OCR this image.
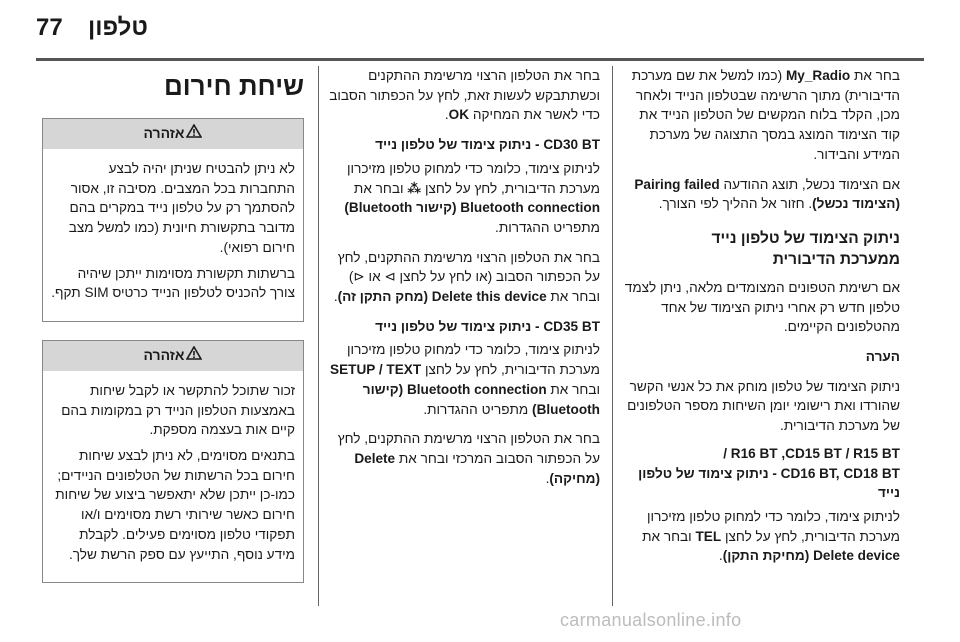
77 טלפון

בחר את My_Radio (כמו למשל את שם מערכת הדיבורית) מתוך הרשימה שבטלפון הנייד ולאחר מכן, הקלד בלוח המקשים של הטלפון הנייד את קוד הצימוד המוצג במסך התצוגה של מערכת המידע והבידור.

אם הצימוד נכשל, תוצג ההודעה Pairing failed (הצימוד נכשל). חזור אל ההליך לפי הצורך.

ניתוק הצימוד של טלפון נייד
ממערכת הדיבורית

אם רשימת הטפונים המצומדים מלאה, ניתן לצמד טלפון חדש רק אחרי ניתוק הצימוד של אחד מהטלפונים הקיימים.

הערה

ניתוק הצימוד של טלפון מוחק את כל אנשי הקשר שהורדו ואת רישומי יומן השיחות מספר הטלפונים של מערכת הדיבורית.

R16 BT ,CD15 BT / R15 BT /
CD16 BT, CD18 BT - ניתוק צימוד של טלפון נייד

לניתוק צימוד, כלומר כדי למחוק טלפון מזיכרון מערכת הדיבורית, לחץ על לחצן TEL ובחר את Delete device (מחיקת התקן).

בחר את הטלפון הרצוי מרשימת ההתקנים וכשתתבקש לעשות זאת, לחץ על הכפתור הסבוב כדי לאשר את המחיקה OK.

CD30 BT - ניתוק צימוד של טלפון נייד

לניתוק צימוד, כלומר כדי למחוק טלפון מזיכרון מערכת הדיבורית, לחץ על לחצן ⁂ ובחר את Bluetooth connection (קישור Bluetooth) מתפריט ההגדרות.

בחר את הטלפון הרצוי מרשימת ההתקנים, לחץ על הכפתור הסבוב (או לחץ על לחצן ⊳ או ⊲) ובחר את Delete this device (מחק התקן זה).

CD35 BT - ניתוק צימוד של טלפון נייד

לניתוק צימוד, כלומר כדי למחוק טלפון מזיכרון מערכת הדיבורית, לחץ על לחצן SETUP / TEXT ובחר את Bluetooth connection (קישור Bluetooth) מתפריט ההגדרות.

בחר את הטלפון הרצוי מרשימת ההתקנים, לחץ על הכפתור הסבוב המרכזי ובחר את Delete (מחיקה).

שיחת חירום
אזהרה

לא ניתן להבטיח שניתן יהיה לבצע התחברות בכל המצבים. מסיבה זו, אסור להסתמך רק על טלפון נייד במקרים בהם מדובר בתקשורת חיונית (כמו למשל מצב חירום רפואי).

ברשתות תקשורת מסוימות ייתכן שיהיה צורך להכניס לטלפון הנייד כרטיס SIM תקף.

אזהרה

זכור שתוכל להתקשר או לקבל שיחות באמצעות הטלפון הנייד רק במקומות בהם קיים אות בעצמה מספקת.

בתנאים מסוימים, לא ניתן לבצע שיחות חירום בכל הרשתות של הטלפונים הניידים; כמו-כן ייתכן שלא יתאפשר ביצוע של שיחות חירום כאשר שירותי רשת מסוימים ו/או תפקודי טלפון מסוימים פעילים. לקבלת מידע נוסף, התייעץ עם ספק הרשת שלך.

carmanualsonline.info
